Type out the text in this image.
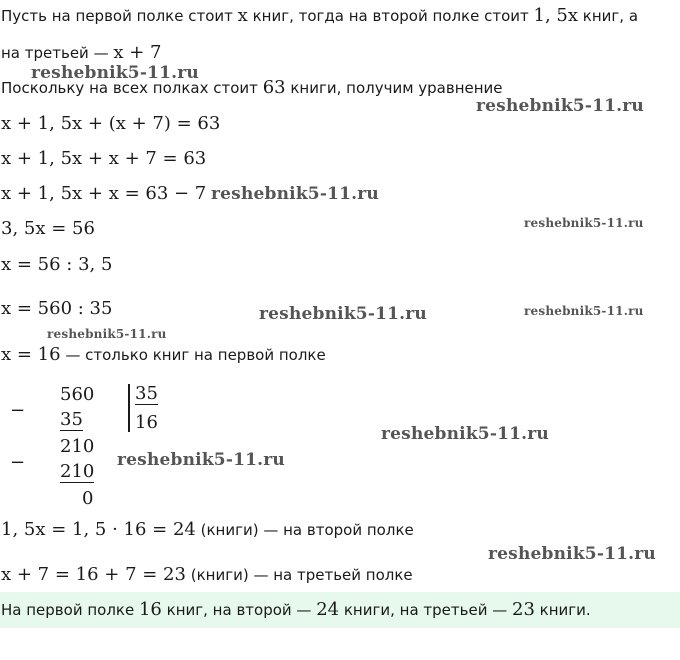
Пусть на первой полке стоит x книг, тогда на второй полке стоит 1, 5x книг, а
на третьей — x + 7
Поскольку на всех полках стоит 63 книги, получим уравнение
x + 1, 5x + (x + 7) = 63
x + 1, 5x + x + 7 = 63
x + 1, 5x + x = 63 − 7
3, 5x = 56
x = 56 : 3, 5
x = 560 : 35
x = 16 — столько книг на первой полке
−
560
35
210
− 210
0
35
16
1, 5x = 1, 5 · 16 = 24 (книги) — на второй полке
x + 7 = 16 + 7 = 23 (книги) — на третьей полке
На первой полке 16 книг, на второй — 24 книги, на третьей — 23 книги.
reshebnik5-11.ru
reshebnik5-11.ru
reshebnik5-11.ru
reshebnik5-11.ru
reshebnik5-11.ru	reshebnik5-11.ru
reshebnik5-11.ru
reshebnik5-11.ru
reshebnik5-11.ru
reshebnik5-11.ru
